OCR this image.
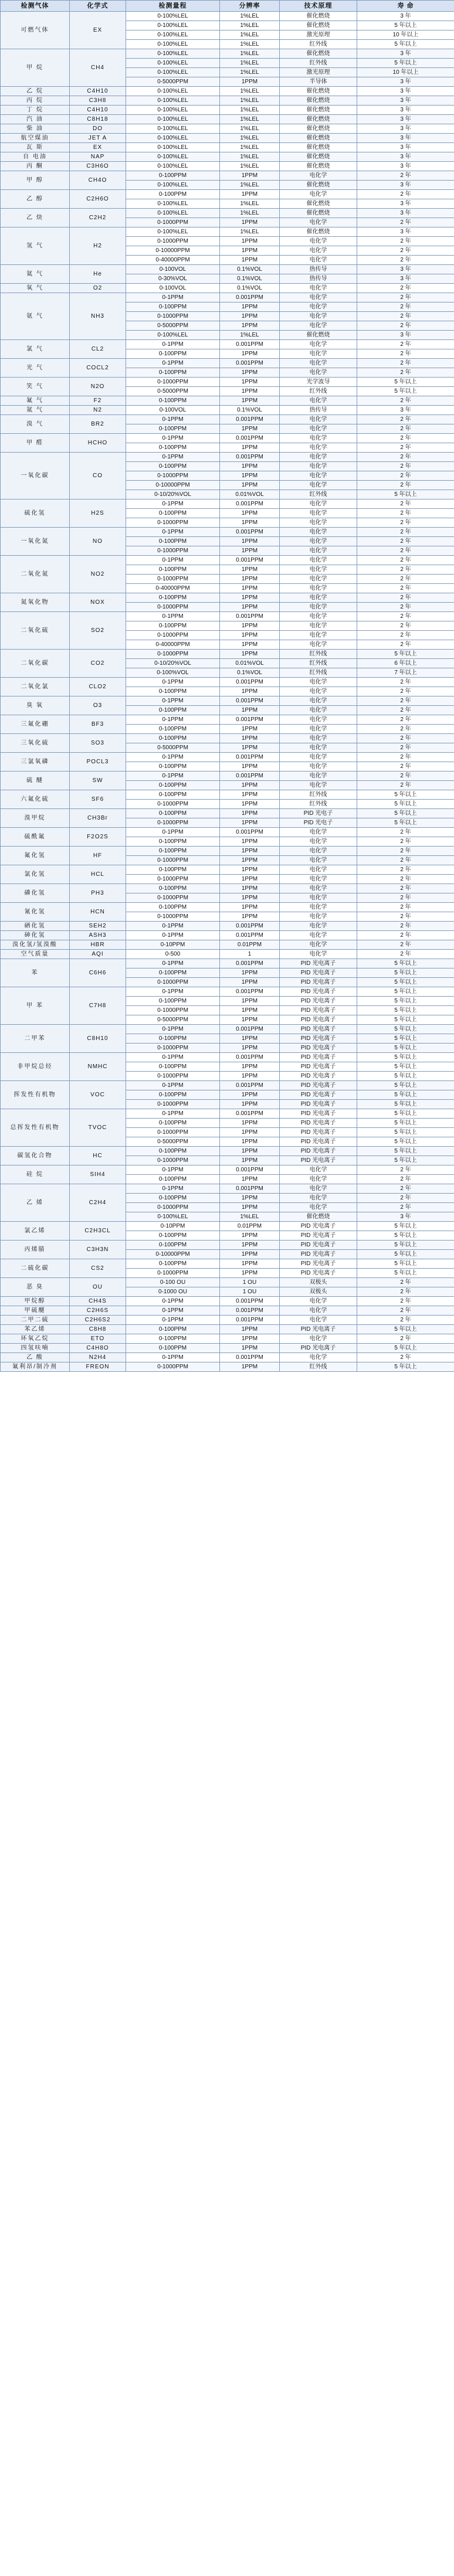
检测气体	化学式	检测量程	分辨率	技术原理	寿 命
可燃气体	EX	0-100%LEL	1%LEL	催化燃烧	3 年
		0-100%LEL	1%LEL	催化燃烧	5 年以上
		0-100%LEL	1%LEL	激光原理	10 年以上
		0-100%LEL	1%LEL	红外线	5 年以上
甲 烷	CH4	0-100%LEL	1%LEL	催化燃烧	3 年
		0-100%LEL	1%LEL	红外线	5 年以上
		0-100%LEL	1%LEL	激光原理	10 年以上
		0-5000PPM	1PPM	半导体	3 年
乙 烷	C4H10	0-100%LEL	1%LEL	催化燃烧	3 年
丙 烷	C3H8	0-100%LEL	1%LEL	催化燃烧	3 年
丁 烷	C4H10	0-100%LEL	1%LEL	催化燃烧	3 年
汽 油	C8H18	0-100%LEL	1%LEL	催化燃烧	3 年
柴 油	DO	0-100%LEL	1%LEL	催化燃烧	3 年
航空煤油	JET A	0-100%LEL	1%LEL	催化燃烧	3 年
瓦 斯	EX	0-100%LEL	1%LEL	催化燃烧	3 年
自 电油	NAP	0-100%LEL	1%LEL	催化燃烧	3 年
丙 酮	C3H6O	0-100%LEL	1%LEL	催化燃烧	3 年
甲 醇	CH4O	0-100PPM	1PPM	电化学	2 年
		0-100%LEL	1%LEL	催化燃烧	3 年
乙 醇	C2H6O	0-100PPM	1PPM	电化学	2 年
		0-100%LEL	1%LEL	催化燃烧	3 年
乙 炔	C2H2	0-100%LEL	1%LEL	催化燃烧	3 年
		0-1000PPM	1PPM	电化学	2 年
氢 气	H2	0-100%LEL	1%LEL	催化燃烧	3 年
		0-1000PPM	1PPM	电化学	2 年
		0-10000PPM	1PPM	电化学	2 年
		0-40000PPM	1PPM	电化学	2 年
氦 气	He	0-100VOL	0.1%VOL	热传导	3 年
		0-30%VOL	0.1%VOL	热传导	3 年
氧 气	O2	0-100VOL	0.1%VOL	电化学	2 年
氨 气	NH3	0-1PPM	0.001PPM	电化学	2 年
		0-100PPM	1PPM	电化学	2 年
		0-1000PPM	1PPM	电化学	2 年
		0-5000PPM	1PPM	电化学	2 年
		0-100%LEL	1%LEL	催化燃烧	3 年
氯 气	CL2	0-1PPM	0.001PPM	电化学	2 年
		0-100PPM	1PPM	电化学	2 年
光 气	COCL2	0-1PPM	0.001PPM	电化学	2 年
		0-100PPM	1PPM	电化学	2 年
笑 气	N2O	0-1000PPM	1PPM	光学波导	5 年以上
		0-5000PPM	1PPM	红外线	5 年以上
氟 气	F2	0-100PPM	1PPM	电化学	2 年
氮 气	N2	0-100VOL	0.1%VOL	热传导	3 年
溴 气	BR2	0-1PPM	0.001PPM	电化学	2 年
		0-100PPM	1PPM	电化学	2 年
甲 醛	HCHO	0-1PPM	0.001PPM	电化学	2 年
		0-100PPM	1PPM	电化学	2 年
一氧化碳	CO	0-1PPM	0.001PPM	电化学	2 年
		0-100PPM	1PPM	电化学	2 年
		0-1000PPM	1PPM	电化学	2 年
		0-10000PPM	1PPM	电化学	2 年
		0-10/20%VOL	0.01%VOL	红外线	5 年以上
硫化氢	H2S	0-1PPM	0.001PPM	电化学	2 年
		0-100PPM	1PPM	电化学	2 年
		0-1000PPM	1PPM	电化学	2 年
一氧化氮	NO	0-1PPM	0.001PPM	电化学	2 年
		0-100PPM	1PPM	电化学	2 年
		0-1000PPM	1PPM	电化学	2 年
二氧化氮	NO2	0-1PPM	0.001PPM	电化学	2 年
		0-100PPM	1PPM	电化学	2 年
		0-1000PPM	1PPM	电化学	2 年
		0-40000PPM	1PPM	电化学	2 年
氮氧化物	NOX	0-100PPM	1PPM	电化学	2 年
		0-1000PPM	1PPM	电化学	2 年
二氧化硫	SO2	0-1PPM	0.001PPM	电化学	2 年
		0-100PPM	1PPM	电化学	2 年
		0-1000PPM	1PPM	电化学	2 年
		0-40000PPM	1PPM	电化学	2 年
二氧化碳	CO2	0-1000PPM	1PPM	红外线	5 年以上
		0-10/20%VOL	0.01%VOL	红外线	6 年以上
		0-100%VOL	0.1%VOL	红外线	7 年以上
二氧化氯	CLO2	0-1PPM	0.001PPM	电化学	2 年
		0-100PPM	1PPM	电化学	2 年
臭 氧	O3	0-1PPM	0.001PPM	电化学	2 年
		0-100PPM	1PPM	电化学	2 年
三氟化硼	BF3	0-1PPM	0.001PPM	电化学	2 年
		0-100PPM	1PPM	电化学	2 年
三氧化硫	SO3	0-100PPM	1PPM	电化学	2 年
		0-5000PPM	1PPM	电化学	2 年
三氯氧磷	POCL3	0-1PPM	0.001PPM	电化学	2 年
		0-100PPM	1PPM	电化学	2 年
硫 醚	SW	0-1PPM	0.001PPM	电化学	2 年
		0-100PPM	1PPM	电化学	2 年
六氟化硫	SF6	0-100PPM	1PPM	红外线	5 年以上
		0-1000PPM	1PPM	红外线	5 年以上
溴甲烷	CH3Br	0-100PPM	1PPM	PID 光电子	5 年以上
		0-1000PPM	1PPM	PID 光电子	5 年以上
硫酰氟	F2O2S	0-1PPM	0.001PPM	电化学	2 年
		0-100PPM	1PPM	电化学	2 年
氟化氢	HF	0-100PPM	1PPM	电化学	2 年
		0-1000PPM	1PPM	电化学	2 年
氯化氢	HCL	0-100PPM	1PPM	电化学	2 年
		0-1000PPM	1PPM	电化学	2 年
磷化氢	PH3	0-100PPM	1PPM	电化学	2 年
		0-1000PPM	1PPM	电化学	2 年
氰化氢	HCN	0-100PPM	1PPM	电化学	2 年
		0-1000PPM	1PPM	电化学	2 年
硒化氢	SEH2	0-1PPM	0.001PPM	电化学	2 年
砷化氢	ASH3	0-1PPM	0.001PPM	电化学	2 年
溴化氢/氢溴酸	HBR	0-10PPM	0.01PPM	电化学	2 年
空气质量	AQI	0-500	1	电化学	2 年
苯	C6H6	0-1PPM	0.001PPM	PID 光电离子	5 年以上
		0-100PPM	1PPM	PID 光电离子	5 年以上
		0-1000PPM	1PPM	PID 光电离子	5 年以上
甲 苯	C7H8	0-1PPM	0.001PPM	PID 光电离子	5 年以上
		0-100PPM	1PPM	PID 光电离子	5 年以上
		0-1000PPM	1PPM	PID 光电离子	5 年以上
		0-5000PPM	1PPM	PID 光电离子	5 年以上
二甲苯	C8H10	0-1PPM	0.001PPM	PID 光电离子	5 年以上
		0-100PPM	1PPM	PID 光电离子	5 年以上
		0-1000PPM	1PPM	PID 光电离子	5 年以上
非甲烷总烃	NMHC	0-1PPM	0.001PPM	PID 光电离子	5 年以上
		0-100PPM	1PPM	PID 光电离子	5 年以上
		0-1000PPM	1PPM	PID 光电离子	5 年以上
挥发性有机物	VOC	0-1PPM	0.001PPM	PID 光电离子	5 年以上
		0-100PPM	1PPM	PID 光电离子	5 年以上
		0-1000PPM	1PPM	PID 光电离子	5 年以上
总挥发性有机物	TVOC	0-1PPM	0.001PPM	PID 光电离子	5 年以上
		0-100PPM	1PPM	PID 光电离子	5 年以上
		0-1000PPM	1PPM	PID 光电离子	5 年以上
		0-5000PPM	1PPM	PID 光电离子	5 年以上
碳氢化合物	HC	0-100PPM	1PPM	PID 光电离子	5 年以上
		0-1000PPM	1PPM	PID 光电离子	5 年以上
硅 烷	SIH4	0-1PPM	0.001PPM	电化学	2 年
		0-100PPM	1PPM	电化学	2 年
乙 烯	C2H4	0-1PPM	0.001PPM	电化学	2 年
		0-100PPM	1PPM	电化学	2 年
		0-1000PPM	1PPM	电化学	2 年
		0-100%LEL	1%LEL	催化燃烧	3 年
氯乙烯	C2H3CL	0-10PPM	0.01PPM	PID 光电离子	5 年以上
		0-100PPM	1PPM	PID 光电离子	5 年以上
丙烯腈	C3H3N	0-100PPM	1PPM	PID 光电离子	5 年以上
		0-10000PPM	1PPM	PID 光电离子	5 年以上
二硫化碳	CS2	0-100PPM	1PPM	PID 光电离子	5 年以上
		0-1000PPM	1PPM	PID 光电离子	5 年以上
恶 臭	OU	0-100 OU	1 OU	双极头	2 年
		0-1000 OU	1 OU	双极头	2 年
甲烷醇	CH4S	0-1PPM	0.001PPM	电化学	2 年
甲硫醚	C2H6S	0-1PPM	0.001PPM	电化学	2 年
二甲二硫	C2H6S2	0-1PPM	0.001PPM	电化学	2 年
苯乙烯	C8H8	0-100PPM	1PPM	PID 光电离子	5 年以上
环氧乙烷	ETO	0-100PPM	1PPM	电化学	2 年
四氢呋喃	C4H8O	0-100PPM	1PPM	PID 光电离子	5 年以上
乙 酸	N2H4	0-1PPM	0.001PPM	电化学	2 年
氟利昂/制冷剂	FREON	0-1000PPM	1PPM	红外线	5 年以上
